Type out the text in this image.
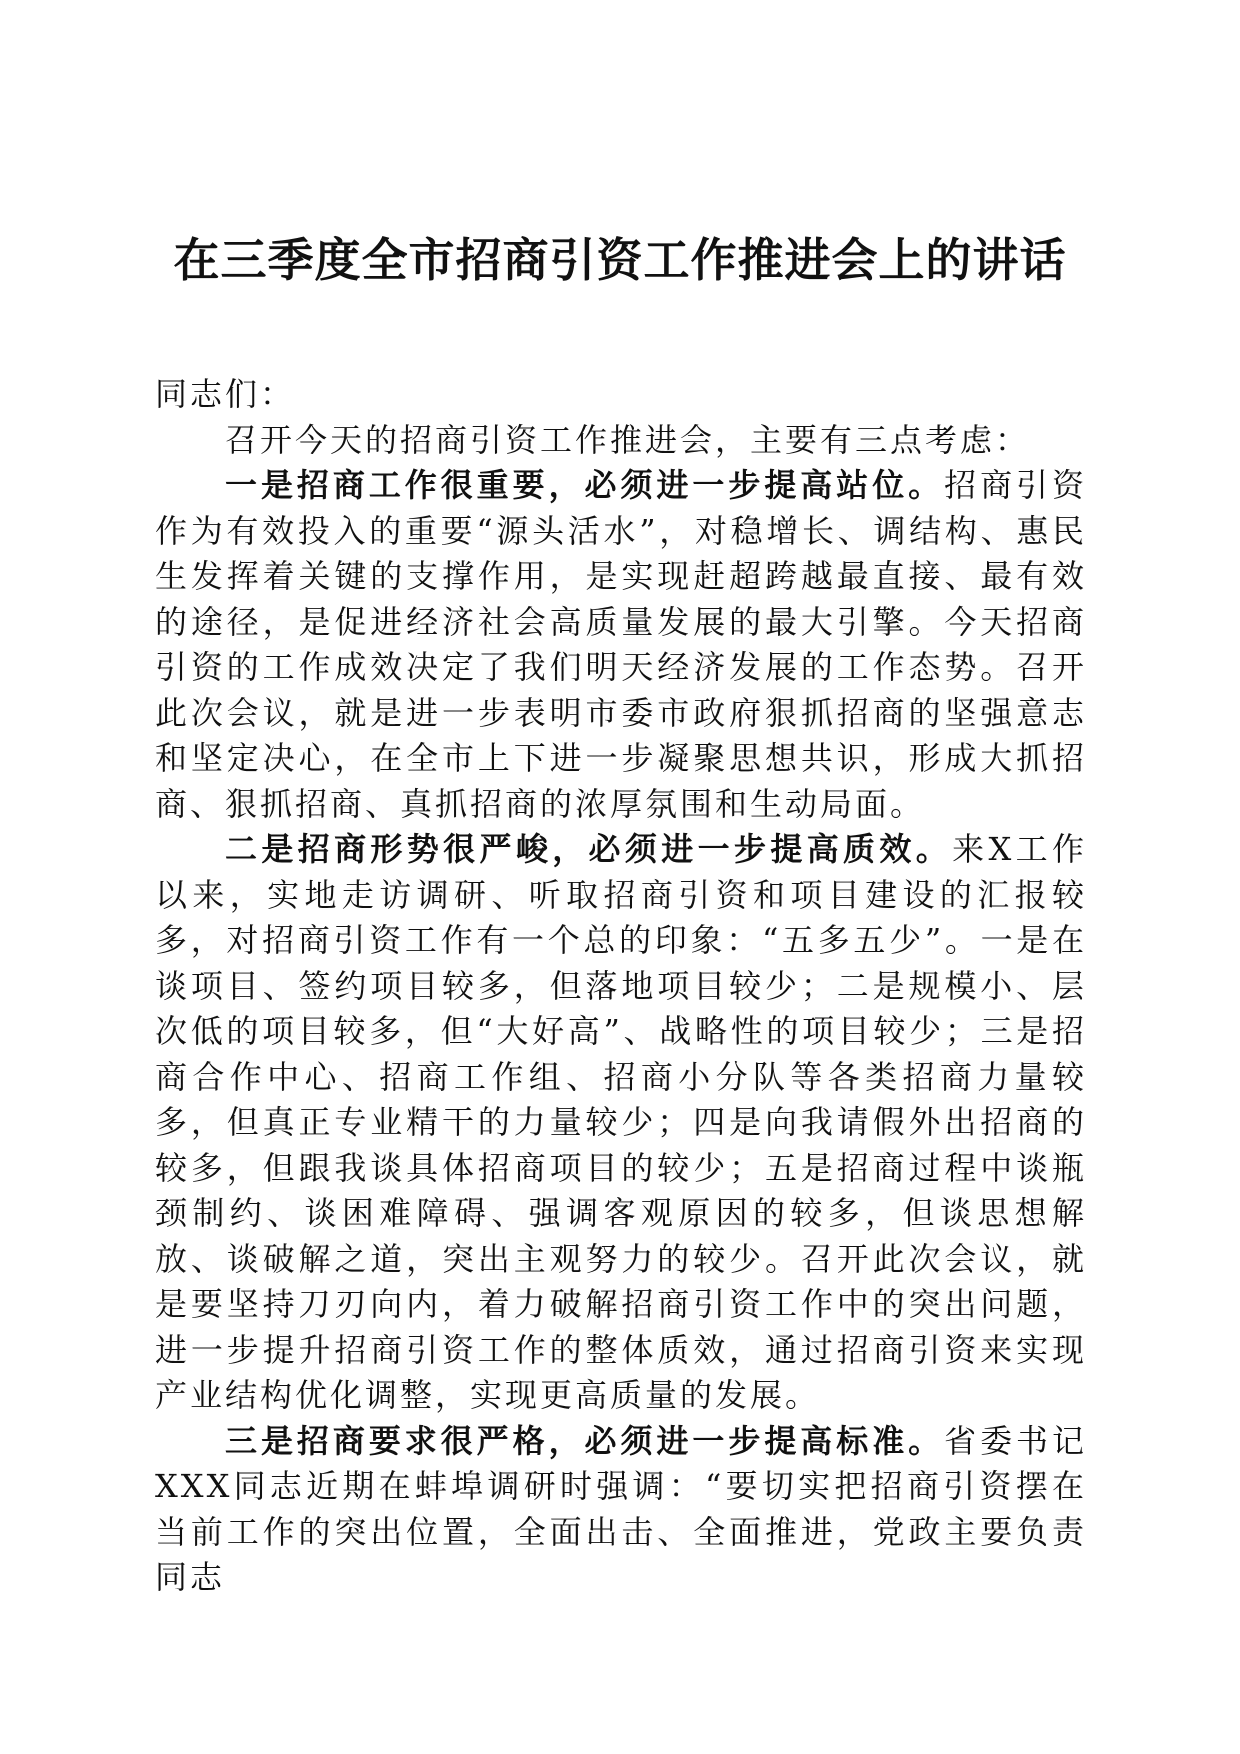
在三季度全市招商引资工作推进会上的讲话

同志们：

召开今天的招商引资工作推进会，主要有三点考虑：

一是招商工作很重要，必须进一步提高站位。招商引资作为有效投入的重要“源头活水”，对稳增长、调结构、惠民生发挥着关键的支撑作用，是实现赶超跨越最直接、最有效的途径，是促进经济社会高质量发展的最大引擎。今天招商引资的工作成效决定了我们明天经济发展的工作态势。召开此次会议，就是进一步表明市委市政府狠抓招商的坚强意志和坚定决心，在全市上下进一步凝聚思想共识，形成大抓招商、狠抓招商、真抓招商的浓厚氛围和生动局面。

二是招商形势很严峻，必须进一步提高质效。来X工作以来，实地走访调研、听取招商引资和项目建设的汇报较多，对招商引资工作有一个总的印象：“五多五少”。一是在谈项目、签约项目较多，但落地项目较少；二是规模小、层次低的项目较多，但“大好高”、战略性的项目较少；三是招商合作中心、招商工作组、招商小分队等各类招商力量较多，但真正专业精干的力量较少；四是向我请假外出招商的较多，但跟我谈具体招商项目的较少；五是招商过程中谈瓶颈制约、谈困难障碍、强调客观原因的较多，但谈思想解放、谈破解之道，突出主观努力的较少。召开此次会议，就是要坚持刀刃向内，着力破解招商引资工作中的突出问题，进一步提升招商引资工作的整体质效，通过招商引资来实现产业结构优化调整，实现更高质量的发展。

三是招商要求很严格，必须进一步提高标准。省委书记XXX同志近期在蚌埠调研时强调：“要切实把招商引资摆在当前工作的突出位置，全面出击、全面推进，党政主要负责同志
